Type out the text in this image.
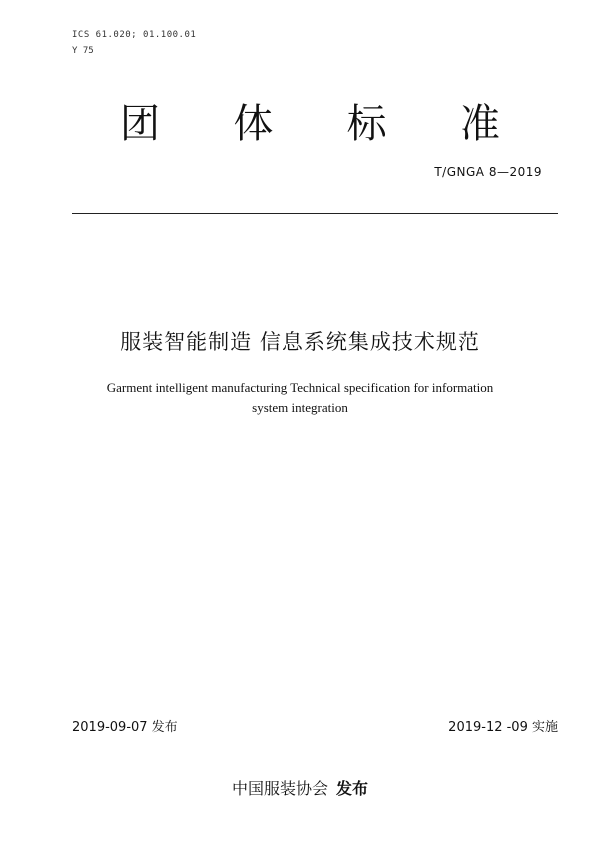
ICS 61.020; 01.100.01
Y 75
团 体 标 准
T/GNGA 8—2019
服装智能制造 信息系统集成技术规范
Garment intelligent manufacturing Technical specification for information
system integration
2019-09-07 发布	2019-12 -09 实施
中国服装协会 发布
